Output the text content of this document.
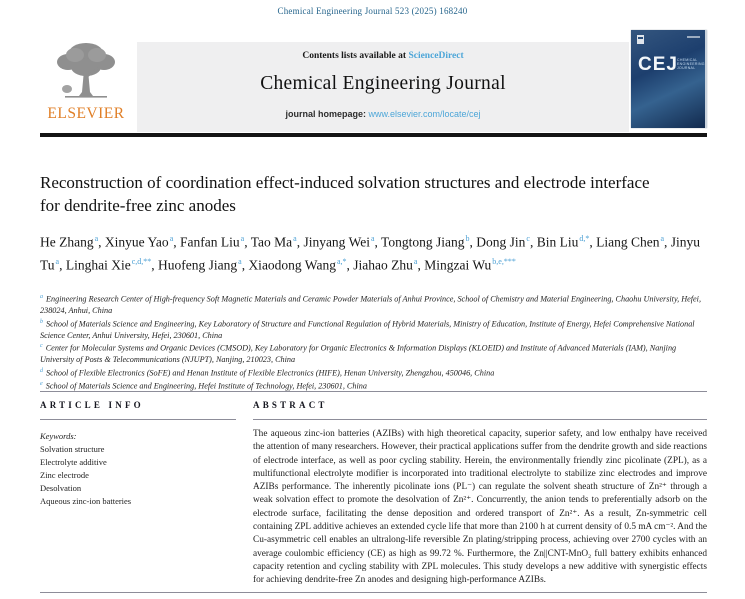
Chemical Engineering Journal 523 (2025) 168240
ELSEVIER
Contents lists available at ScienceDirect
Chemical Engineering Journal
journal homepage: www.elsevier.com/locate/cej
CEJ CHEMICAL
ENGINEERING
JOURNAL
Reconstruction of coordination effect-induced solvation structures and electrode interface for dendrite-free zinc anodes
He Zhang$^a$, Xinyue Yao$^a$, Fanfan Liu$^a$, Tao Ma$^a$, Jinyang Wei$^a$, Tongtong Jiang$^b$, Dong Jin$^c$, Bin Liu$^{d,*}$, Liang Chen$^a$, Jinyu Tu$^a$, Linghai Xie$^{c,d,**}$, Huofeng Jiang$^a$, Xiaodong Wang$^{a,*}$, Jiahao Zhu$^a$, Mingzai $Wu^{b,e,***}$

$^a$ Engineering Research Center of High-frequency Soft Magnetic Materials and Ceramic Powder Materials of Anhui Province, School of Chemistry and Material Engineering, Chaohu University, Hefei, 238024, Anhui, China

$^b$ School of Materials Science and Engineering, Key Laboratory of Structure and Functional Regulation of Hybrid Materials, Ministry of Education, Institute of Energy, Hefei Comprehensive National Science Center, Anhui University, Hefei, 230601, China

$^c$ Center for Molecular Systems and Organic Devices (CMSOD), Key Laboratory for Organic Electronics & Information Displays (KLOEID) and Institute of Advanced Materials (IAM), Nanjing University of Posts & Telecommunications (NJUPT), Nanjing, 210023, China

$^d$ School of Flexible Electronics (SoFE) and Henan Institute of Flexible Electronics (HIFE), Henan University, Zhengzhou, 450046, China

$^e$ School of Materials Science and Engineering, Hefei Institute of Technology, Hefei, 230601, China

ARTICLE INFO	ABSTRACT
Keywords:
Solvation structure
Electrolyte additive
Zinc electrode
Desolvation
Aqueous zinc-ion batteries
The aqueous zinc-ion batteries (AZIBs) with high theoretical capacity, superior safety, and low enthalpy have received the attention of many researchers. However, their practical applications suffer from the dendrite growth and side reactions of electrode interface, as well as poor cycling stability. Herein, the environmentally friendly zinc picolinate (ZPL), as a multifunctional electrolyte modifier is incorporated into traditional electrolyte to stabilize zinc electrodes and improve AZIBs performance. The inherently picolinate ions (PL⁻) can regulate the solvent sheath structure of Zn²⁺ through a weak solvation effect to promote the desolvation of Zn²⁺. Concurrently, the anion tends to preferentially adsorb on the electrode surface, facilitating the dense deposition and ordered transport of Zn²⁺. As a result, Zn-symmetric cell containing ZPL additive achieves an extended cycle life that more than 2100 h at current density of 0.5 mA cm⁻². And the Cu-asymmetric cell enables an ultralong-life reversible Zn plating/stripping process, achieving over 2700 cycles with an average coulombic efficiency (CE) as high as 99.72 %. Furthermore, the Zn||CNT-MnO₂ full battery exhibits enhanced capacity retention and cycling stability with ZPL molecules. This study develops a new additive with synergistic effects for achieving dendrite-free Zn anodes and designing high-performance AZIBs.
